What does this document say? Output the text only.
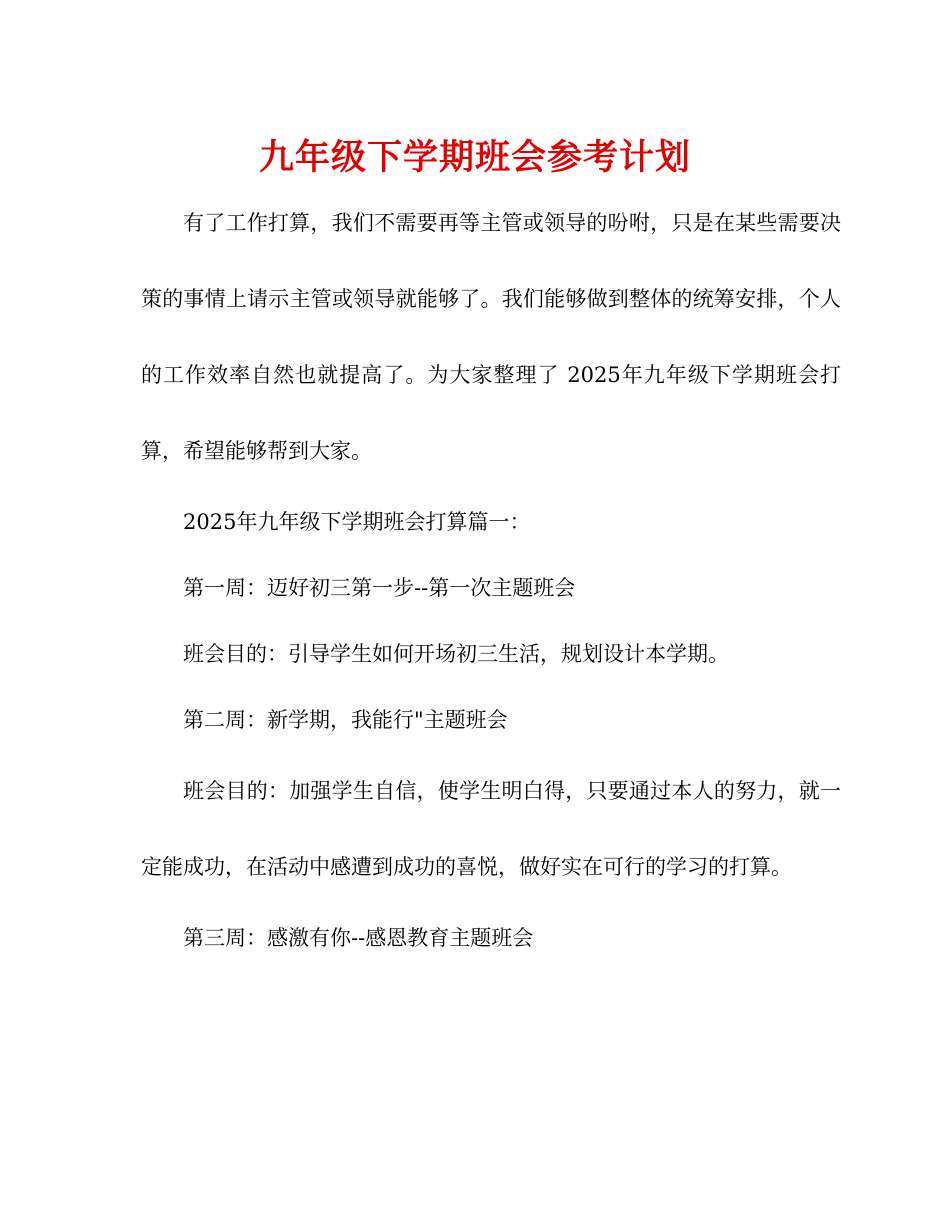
九年级下学期班会参考计划

有了工作打算，我们不需要再等主管或领导的吩咐，只是在某些需要决策的事情上请示主管或领导就能够了。我们能够做到整体的统筹安排，个人的工作效率自然也就提高了。为大家整理了 2025年九年级下学期班会打算，希望能够帮到大家。

2025年九年级下学期班会打算篇一：

第一周：迈好初三第一步--第一次主题班会

班会目的：引导学生如何开场初三生活，规划设计本学期。

第二周：新学期，我能行"主题班会

班会目的：加强学生自信，使学生明白得，只要通过本人的努力，就一定能成功，在活动中感遭到成功的喜悦，做好实在可行的学习的打算。

第三周：感激有你--感恩教育主题班会
